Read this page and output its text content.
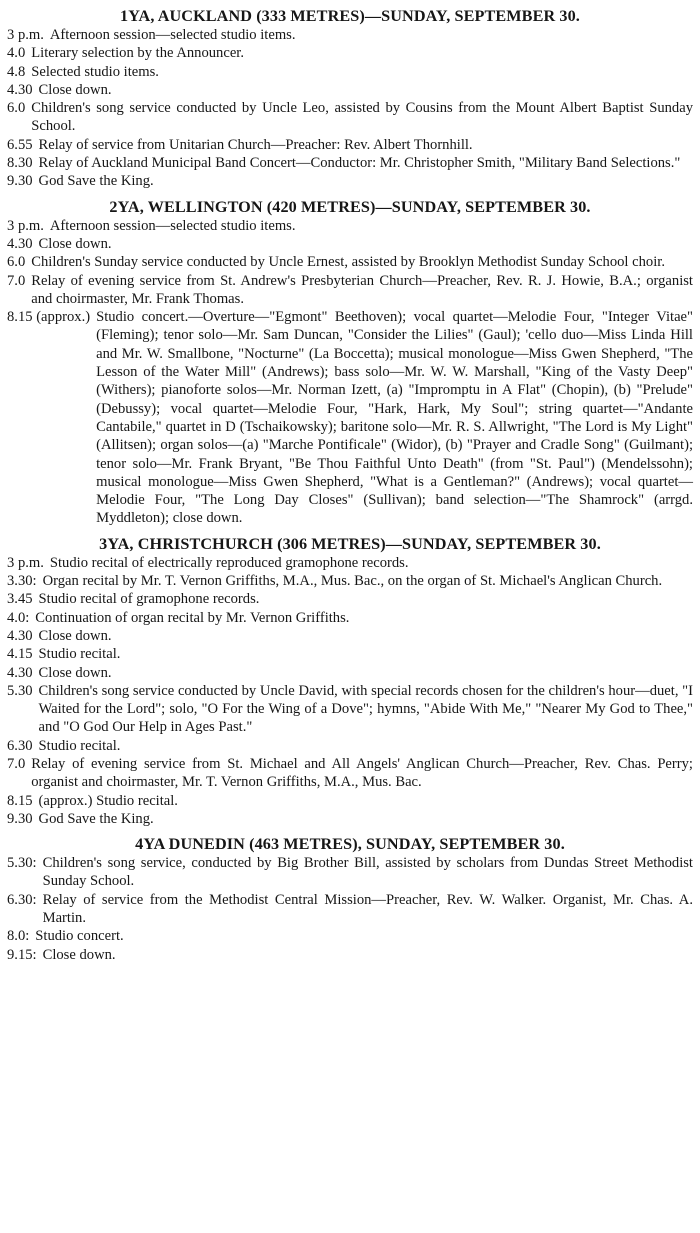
1YA, AUCKLAND (333 METRES)—SUNDAY, SEPTEMBER 30.
3 p.m. Afternoon session—selected studio items.
4.0 Literary selection by the Announcer.
4.8 Selected studio items.
4.30 Close down.
6.0 Children's song service conducted by Uncle Leo, assisted by Cousins from the Mount Albert Baptist Sunday School.
6.55 Relay of service from Unitarian Church—Preacher: Rev. Albert Thornhill.
8.30 Relay of Auckland Municipal Band Concert—Conductor: Mr. Christopher Smith, "Military Band Selections."
9.30 God Save the King.
2YA, WELLINGTON (420 METRES)—SUNDAY, SEPTEMBER 30.
3 p.m. Afternoon session—selected studio items.
4.30 Close down.
6.0 Children's Sunday service conducted by Uncle Ernest, assisted by Brooklyn Methodist Sunday School choir.
7.0 Relay of evening service from St. Andrew's Presbyterian Church—Preacher, Rev. R. J. Howie, B.A.; organist and choirmaster, Mr. Frank Thomas.
8.15 (approx.) Studio concert.—Overture—"Egmont" Beethoven); vocal quartet—Melodie Four, "Integer Vitae" (Fleming); tenor solo—Mr. Sam Duncan, "Consider the Lilies" (Gaul); 'cello duo—Miss Linda Hill and Mr. W. Smallbone, "Nocturne" (La Boccetta); musical monologue—Miss Gwen Shepherd, "The Lesson of the Water Mill" (Andrews); bass solo—Mr. W. W. Marshall, "King of the Vasty Deep" (Withers); pianoforte solos—Mr. Norman Izett, (a) "Impromptu in A Flat" (Chopin), (b) "Prelude" (Debussy); vocal quartet—Melodie Four, "Hark, Hark, My Soul"; string quartet—"Andante Cantabile," quartet in D (Tschaikowsky); baritone solo—Mr. R. S. Allwright, "The Lord is My Light" (Allitsen); organ solos—(a) "Marche Pontificale" (Widor), (b) "Prayer and Cradle Song" (Guilmant); tenor solo—Mr. Frank Bryant, "Be Thou Faithful Unto Death" (from "St. Paul") (Mendelssohn); musical monologue—Miss Gwen Shepherd, "What is a Gentleman?" (Andrews); vocal quartet—Melodie Four, "The Long Day Closes" (Sullivan); band selection—"The Shamrock" (arrgd. Myddleton); close down.
3YA, CHRISTCHURCH (306 METRES)—SUNDAY, SEPTEMBER 30.
3 p.m. Studio recital of electrically reproduced gramophone records.
3.30: Organ recital by Mr. T. Vernon Griffiths, M.A., Mus. Bac., on the organ of St. Michael's Anglican Church.
3.45 Studio recital of gramophone records.
4.0: Continuation of organ recital by Mr. Vernon Griffiths.
4.30 Close down.
4.15 Studio recital.
4.30 Close down.
5.30 Children's song service conducted by Uncle David, with special records chosen for the children's hour—duet, "I Waited for the Lord"; solo, "O For the Wing of a Dove"; hymns, "Abide With Me," "Nearer My God to Thee," and "O God Our Help in Ages Past."
6.30 Studio recital.
7.0 Relay of evening service from St. Michael and All Angels' Anglican Church—Preacher, Rev. Chas. Perry; organist and choirmaster, Mr. T. Vernon Griffiths, M.A., Mus. Bac.
8.15 (approx.) Studio recital.
9.30 God Save the King.
4YA DUNEDIN (463 METRES), SUNDAY, SEPTEMBER 30.
5.30: Children's song service, conducted by Big Brother Bill, assisted by scholars from Dundas Street Methodist Sunday School.
6.30: Relay of service from the Methodist Central Mission—Preacher, Rev. W. Walker. Organist, Mr. Chas. A. Martin.
8.0: Studio concert.
9.15: Close down.
